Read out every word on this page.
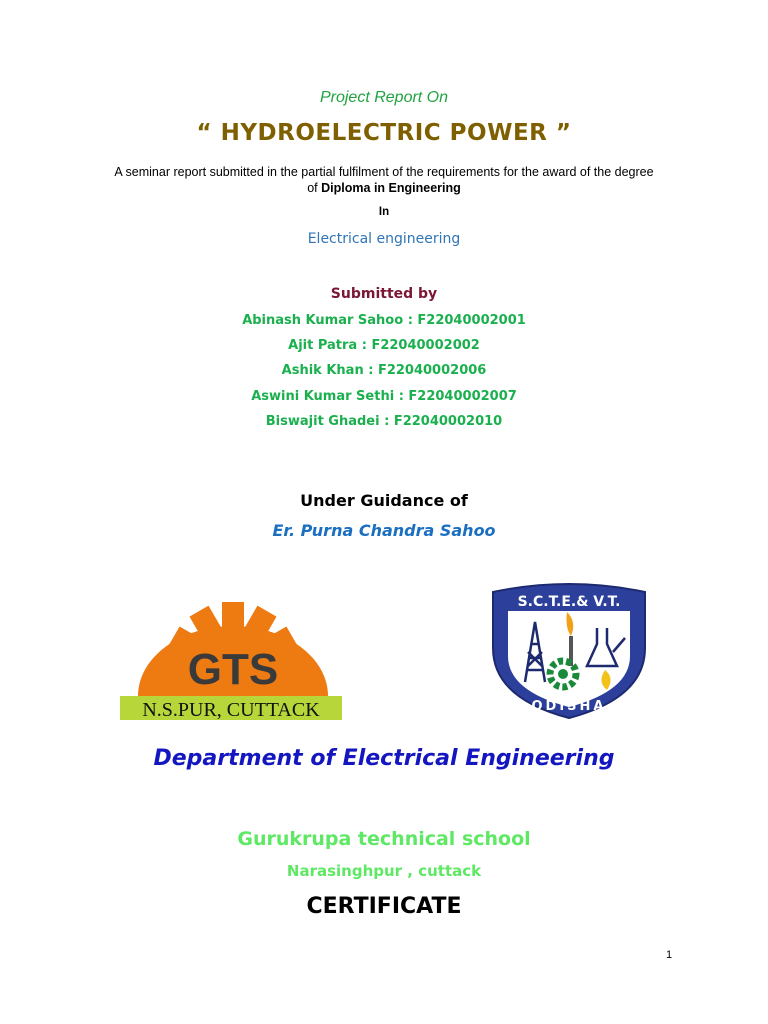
Project Report On
“ HYDROELECTRIC POWER ”
A seminar report submitted in the partial fulfilment of the requirements for the award of the degree
of Diploma in Engineering
In
Electrical engineering
Submitted by
Abinash Kumar Sahoo : F22040002001
Ajit Patra : F22040002002
Ashik Khan : F22040002006
Aswini Kumar Sethi : F22040002007
Biswajit Ghadei : F22040002010
Under Guidance of
Er. Purna Chandra Sahoo
GTS
N.S.PUR, CUTTACK
S.C.T.E.& V.T.
ODISHA
Department of Electrical Engineering
Gurukrupa technical school
Narasinghpur , cuttack
CERTIFICATE
1
